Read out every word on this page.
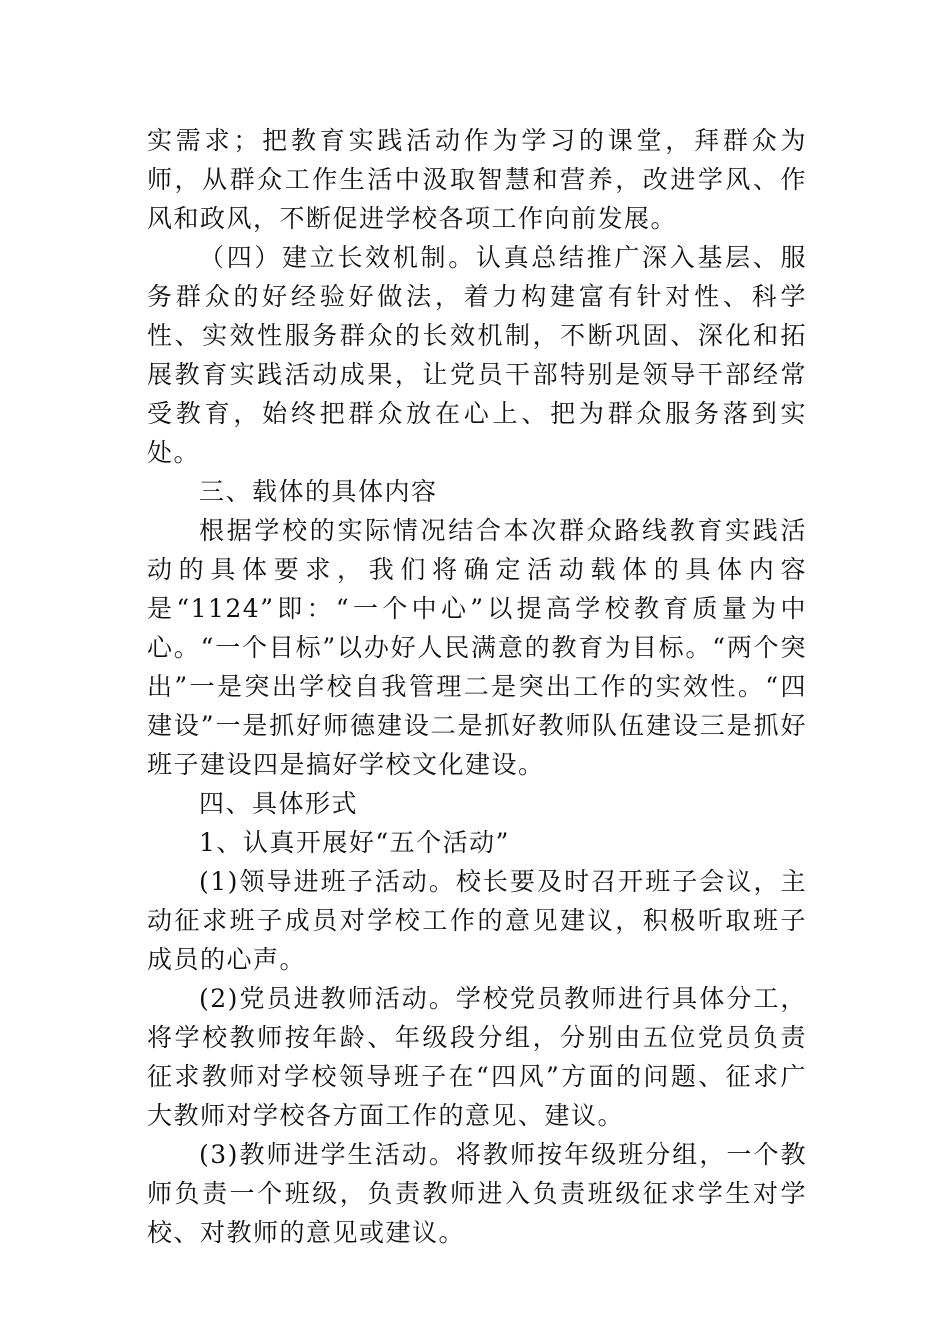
实需求；把教育实践活动作为学习的课堂，拜群众为师，从群众工作生活中汲取智慧和营养，改进学风、作风和政风，不断促进学校各项工作向前发展。

（四）建立长效机制。认真总结推广深入基层、服务群众的好经验好做法，着力构建富有针对性、科学性、实效性服务群众的长效机制，不断巩固、深化和拓展教育实践活动成果，让党员干部特别是领导干部经常受教育，始终把群众放在心上、把为群众服务落到实处。

三、载体的具体内容

根据学校的实际情况结合本次群众路线教育实践活动的具体要求，我们将确定活动载体的具体内容是“1124”即：“一个中心”以提高学校教育质量为中心。“一个目标”以办好人民满意的教育为目标。“两个突出”一是突出学校自我管理二是突出工作的实效性。“四建设”一是抓好师德建设二是抓好教师队伍建设三是抓好班子建设四是搞好学校文化建设。

四、具体形式

1、认真开展好“五个活动”

(1)领导进班子活动。校长要及时召开班子会议，主动征求班子成员对学校工作的意见建议，积极听取班子成员的心声。

(2)党员进教师活动。学校党员教师进行具体分工，将学校教师按年龄、年级段分组，分别由五位党员负责征求教师对学校领导班子在“四风”方面的问题、征求广大教师对学校各方面工作的意见、建议。

(3)教师进学生活动。将教师按年级班分组，一个教师负责一个班级，负责教师进入负责班级征求学生对学校、对教师的意见或建议。
